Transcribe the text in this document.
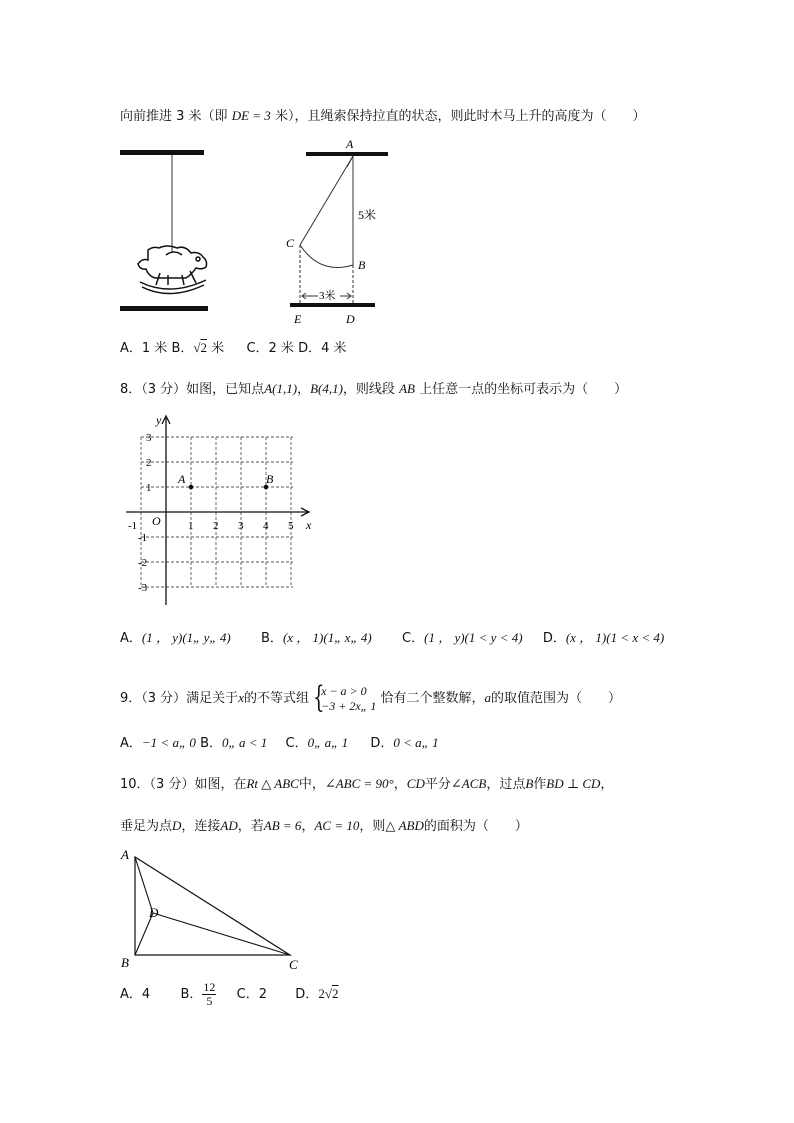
向前推进 3 米（即 DE = 3 米），且绳索保持拉直的状态，则此时木马上升的高度为（　　）
3米
A
5米
C
B
E	D
A．1 米 B．√2 米 C．2 米 D．4 米
8．（3 分）如图，已知点A(1,1)，B(4,1)，则线段 AB 上任意一点的坐标可表示为（　　）
y
x
O
-1	1 2 3 4 5
3
2
1
-1
-2
-3
A	B
A．(1 ， y)(1„ y„ 4) B．(x ， 1)(1„ x„ 4) C．(1 ， y)(1 < y < 4) D．(x ， 1)(1 < x < 4)
9．（3 分）满足关于x的不等式组 {
x − a > 0
−3 + 2x„ 1 恰有二个整数解，a的取值范围为（　　）
A．−1 < a„ 0 B．0„ a < 1 C．0„ a„ 1 D．0 < a„ 1
10．（3 分）如图，在Rt △ ABC中，∠ABC = 90°，CD平分∠ACB，过点B作BD ⊥ CD，
垂足为点D，连接AD，若AB = 6，AC = 10，则△ ABD的面积为（　　）
A
B	C
D
A．4 B． $\frac{12}{5}$ C．2 D．2√2
